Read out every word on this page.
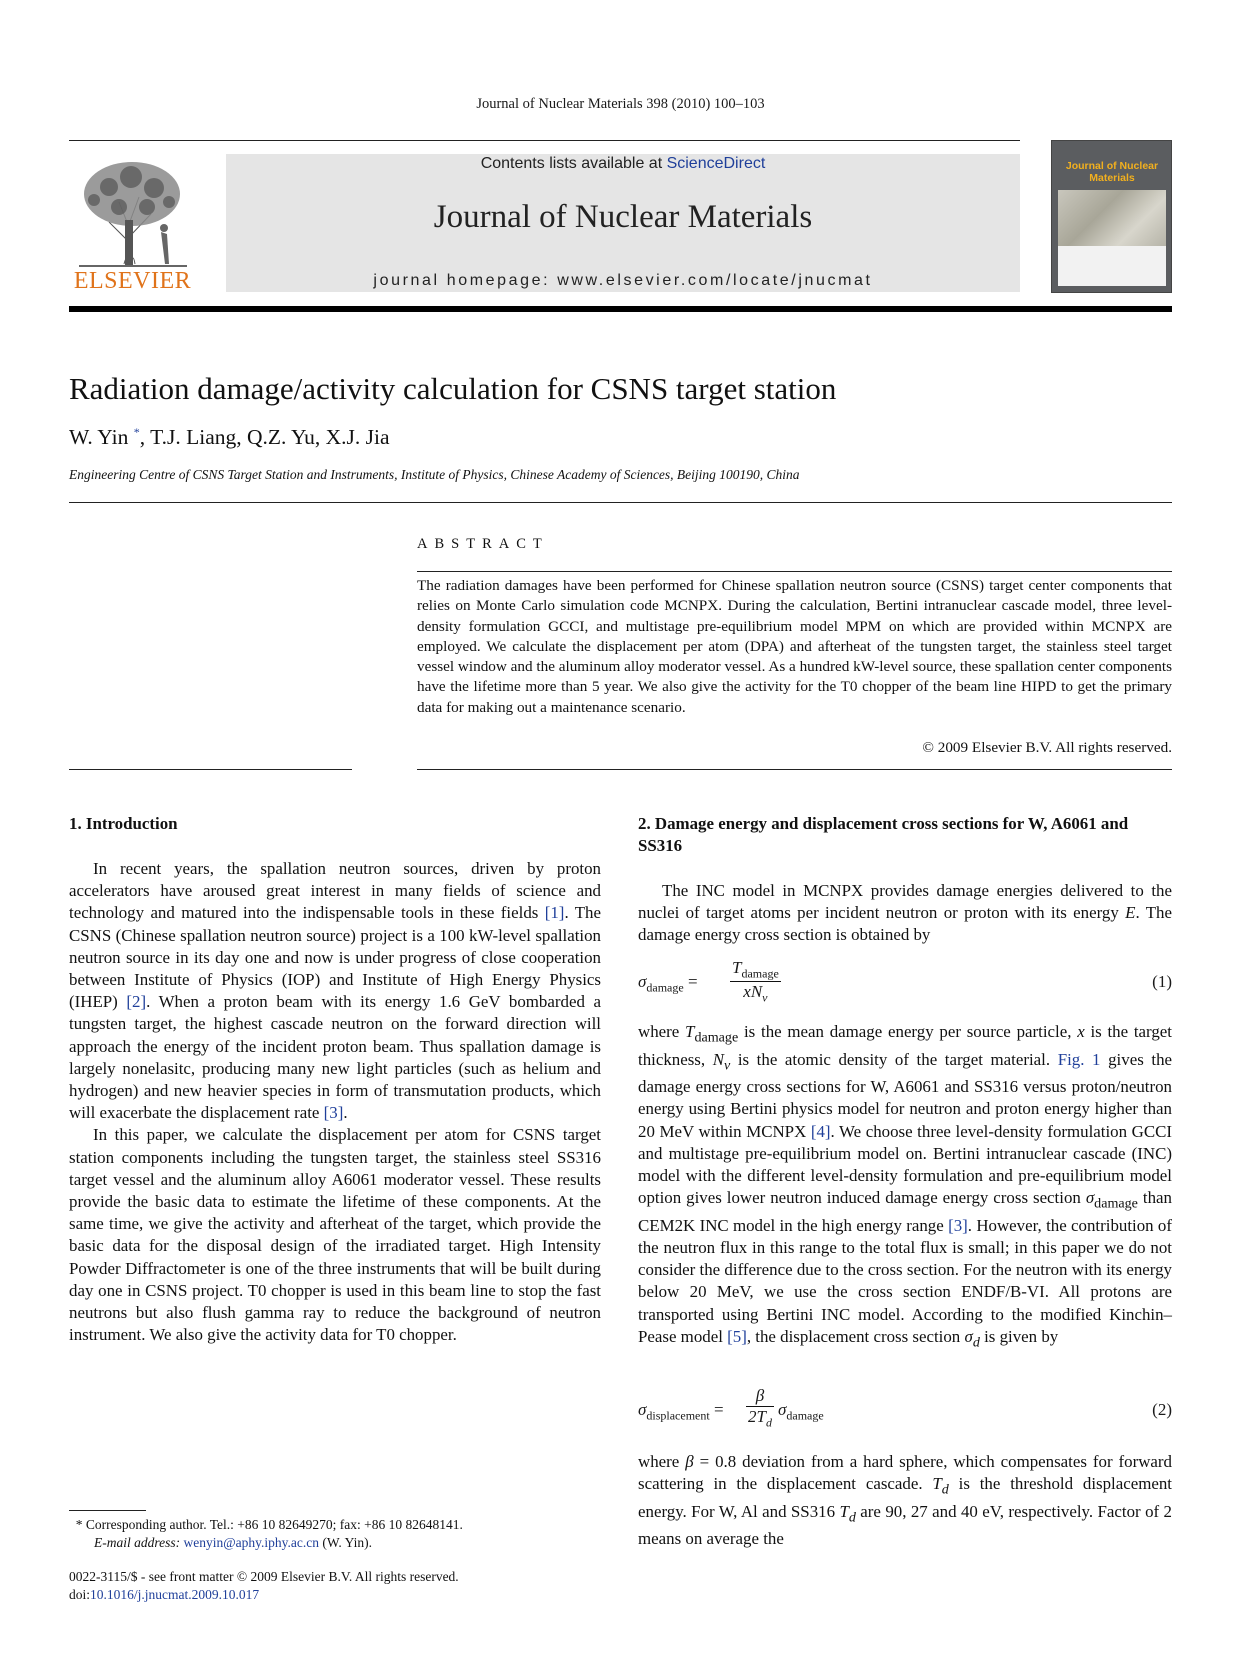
Journal of Nuclear Materials 398 (2010) 100–103
ELSEVIER
Contents lists available at ScienceDirect
Journal of Nuclear Materials
journal homepage: www.elsevier.com/locate/jnucmat
Journal of Nuclear Materials
Radiation damage/activity calculation for CSNS target station
W. Yin *, T.J. Liang, Q.Z. Yu, X.J. Jia
Engineering Centre of CSNS Target Station and Instruments, Institute of Physics, Chinese Academy of Sciences, Beijing 100190, China
ABSTRACT
The radiation damages have been performed for Chinese spallation neutron source (CSNS) target center components that relies on Monte Carlo simulation code MCNPX. During the calculation, Bertini intranuclear cascade model, three level-density formulation GCCI, and multistage pre-equilibrium model MPM on which are provided within MCNPX are employed. We calculate the displacement per atom (DPA) and afterheat of the tungsten target, the stainless steel target vessel window and the aluminum alloy moderator vessel. As a hundred kW-level source, these spallation center components have the lifetime more than 5 year. We also give the activity for the T0 chopper of the beam line HIPD to get the primary data for making out a maintenance scenario.
© 2009 Elsevier B.V. All rights reserved.
1. Introduction

In recent years, the spallation neutron sources, driven by proton accelerators have aroused great interest in many fields of science and technology and matured into the indispensable tools in these fields [1]. The CSNS (Chinese spallation neutron source) project is a 100 kW-level spallation neutron source in its day one and now is under progress of close cooperation between Institute of Physics (IOP) and Institute of High Energy Physics (IHEP) [2]. When a proton beam with its energy 1.6 GeV bombarded a tungsten target, the highest cascade neutron on the forward direction will approach the energy of the incident proton beam. Thus spallation damage is largely nonelasitc, producing many new light particles (such as helium and hydrogen) and new heavier species in form of transmutation products, which will exacerbate the displacement rate [3].

In this paper, we calculate the displacement per atom for CSNS target station components including the tungsten target, the stainless steel SS316 target vessel and the aluminum alloy A6061 moderator vessel. These results provide the basic data to estimate the lifetime of these components. At the same time, we give the activity and afterheat of the target, which provide the basic data for the disposal design of the irradiated target. High Intensity Powder Diffractometer is one of the three instruments that will be built during day one in CSNS project. T0 chopper is used in this beam line to stop the fast neutrons but also flush gamma ray to reduce the background of neutron instrument. We also give the activity data for T0 chopper.

2. Damage energy and displacement cross sections for W, A6061 and SS316

The INC model in MCNPX provides damage energies delivered to the nuclei of target atoms per incident neutron or proton with its energy E. The damage energy cross section is obtained by

$\sigma_{damage}$ =
$T_{damage}$
$xN_v$
(1)

where $T_{damage}$ is the mean damage energy per source particle, x is the target thickness, $N_v$ is the atomic density of the target material. Fig. 1 gives the damage energy cross sections for W, A6061 and SS316 versus proton/neutron energy using Bertini physics model for neutron and proton energy higher than 20 MeV within MCNPX [4]. We choose three level-density formulation GCCI and multistage pre-equilibrium model on. Bertini intranuclear cascade (INC) model with the different level-density formulation and pre-equilibrium model option gives lower neutron induced damage energy cross section $\sigma_{damage}$ than CEM2K INC model in the high energy range [3]. However, the contribution of the neutron flux in this range to the total flux is small; in this paper we do not consider the difference due to the cross section. For the neutron with its energy below 20 MeV, we use the cross section ENDF/B-VI. All protons are transported using Bertini INC model. According to the modified Kinchin–Pease model [5], the displacement cross section $\sigma_d$ is given by

$\sigma_{displacement} = \frac{\beta}{2T_d} \sigma_{damage}$	(2)

where β = 0.8 deviation from a hard sphere, which compensates for forward scattering in the displacement cascade. $T_d$ is the threshold displacement energy. For W, Al and SS316 $T_d$ are 90, 27 and 40 eV, respectively. Factor of 2 means on average the

* Corresponding author. Tel.: +86 10 82649270; fax: +86 10 82648141.
E-mail address: wenyin@aphy.iphy.ac.cn (W. Yin).
0022-3115/$ - see front matter © 2009 Elsevier B.V. All rights reserved.
doi:10.1016/j.jnucmat.2009.10.017
